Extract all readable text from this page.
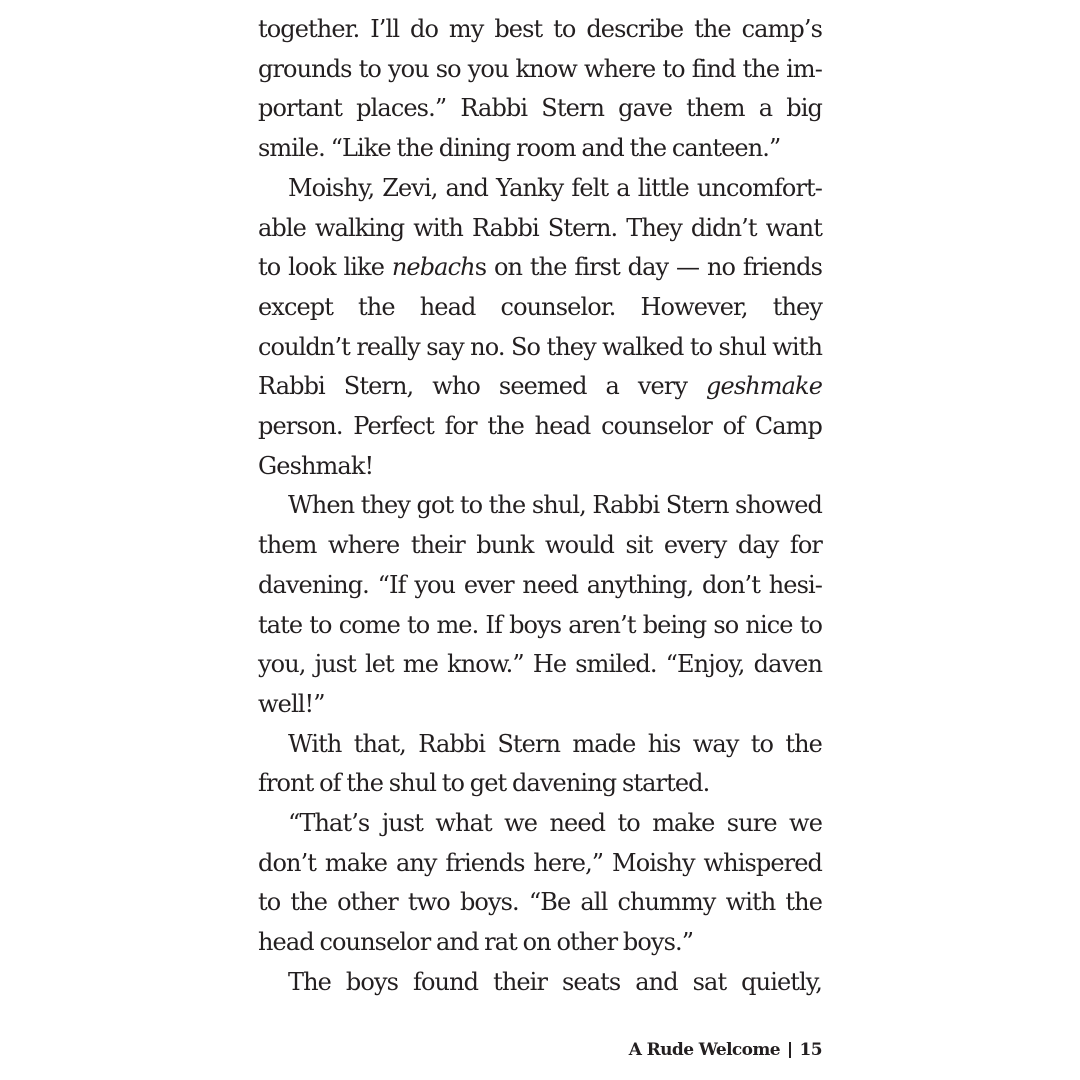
together. I’ll do my best to describe the camp’s grounds to you so you know where to find the im-portant places.” Rabbi Stern gave them a big smile. “Like the dining room and the canteen.”

Moishy, Zevi, and Yanky felt a little uncomfort-able walking with Rabbi Stern. They didn’t want to look like nebachs on the first day — no friends except the head counselor. However, they couldn’t really say no. So they walked to shul with Rabbi Stern, who seemed a very geshmake person. Perfect for the head counselor of Camp Geshmak!

When they got to the shul, Rabbi Stern showed them where their bunk would sit every day for davening. “If you ever need anything, don’t hesi-tate to come to me. If boys aren’t being so nice to you, just let me know.” He smiled. “Enjoy, daven well!”

With that, Rabbi Stern made his way to the front of the shul to get davening started.

“That’s just what we need to make sure we don’t make any friends here,” Moishy whispered to the other two boys. “Be all chummy with the head counselor and rat on other boys.”

The boys found their seats and sat quietly,

A Rude Welcome 15
